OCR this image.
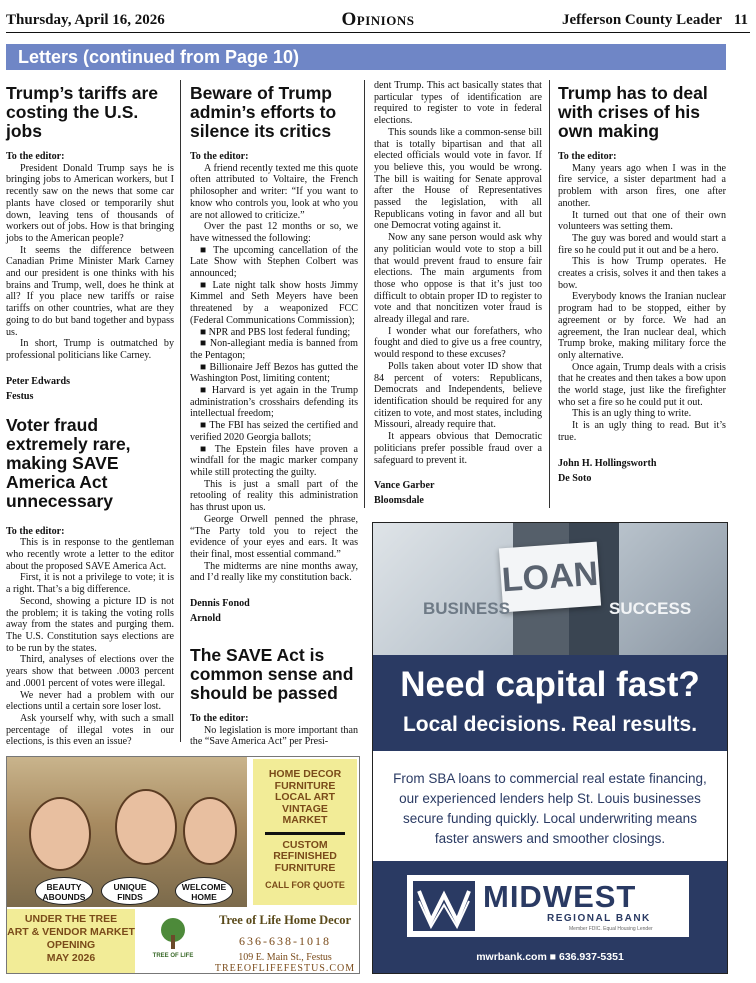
Thursday, April 16, 2026	Opinions	Jefferson County Leader 11
Letters (continued from Page 10)
Trump’s tariffs are costing the U.S. jobs

To the editor:

President Donald Trump says he is bringing jobs to American workers, but I recently saw on the news that some car plants have closed or temporarily shut down, leaving tens of thousands of workers out of jobs. How is that bringing jobs to the American people?

It seems the difference between Canadian Prime Minister Mark Carney and our president is one thinks with his brains and Trump, well, does he think at all? If you place new tariffs or raise tariffs on other countries, what are they going to do but band together and bypass us.

In short, Trump is outmatched by professional politicians like Carney.

Peter Edwards

Festus

Voter fraud extremely rare, making SAVE America Act unnecessary

To the editor:

This is in response to the gentleman who recently wrote a letter to the editor about the proposed SAVE America Act.

First, it is not a privilege to vote; it is a right. That’s a big difference.

Second, showing a picture ID is not the problem; it is taking the voting rolls away from the states and purging them. The U.S. Constitution says elections are to be run by the states.

Third, analyses of elections over the years show that between .0003 percent and .0001 percent of votes were illegal.

We never had a problem with our elections until a certain sore loser lost.

Ask yourself why, with such a small percentage of illegal votes in our elections, is this even an issue?

Beware of Trump admin’s efforts to silence its critics

To the editor:

A friend recently texted me this quote often attributed to Voltaire, the French philosopher and writer: “If you want to know who controls you, look at who you are not allowed to criticize.”

Over the past 12 months or so, we have witnessed the following:

■ The upcoming cancellation of the Late Show with Stephen Colbert was announced;

■ Late night talk show hosts Jimmy Kimmel and Seth Meyers have been threatened by a weaponized FCC (Federal Communications Commission);

■ NPR and PBS lost federal funding;

■ Non-allegiant media is banned from the Pentagon;

■ Billionaire Jeff Bezos has gutted the Washington Post, limiting content;

■ Harvard is yet again in the Trump administration’s crosshairs defending its intellectual freedom;

■ The FBI has seized the certified and verified 2020 Georgia ballots;

■ The Epstein files have proven a windfall for the magic marker company while still protecting the guilty.

This is just a small part of the retooling of reality this administration has thrust upon us.

George Orwell penned the phrase, “The Party told you to reject the evidence of your eyes and ears. It was their final, most essential command.”

The midterms are nine months away, and I’d really like my constitution back.

Dennis Fonod

Arnold

The SAVE Act is common sense and should be passed

To the editor:

No legislation is more important than the “Save America Act” per Presi-

dent Trump. This act basically states that particular types of identification are required to register to vote in federal elections.

This sounds like a common-sense bill that is totally bipartisan and that all elected officials would vote in favor. If you believe this, you would be wrong. The bill is waiting for Senate approval after the House of Representatives passed the legislation, with all Republicans voting in favor and all but one Democrat voting against it.

Now any sane person would ask why any politician would vote to stop a bill that would prevent fraud to ensure fair elections. The main arguments from those who oppose is that it’s just too difficult to obtain proper ID to register to vote and that noncitizen voter fraud is already illegal and rare.

I wonder what our forefathers, who fought and died to give us a free country, would respond to these excuses?

Polls taken about voter ID show that 84 percent of voters: Republicans, Democrats and Independents, believe identification should be required for any citizen to vote, and most states, including Missouri, already require that.

It appears obvious that Democratic politicians prefer possible fraud over a safeguard to prevent it.

Vance Garber

Bloomsdale

Trump has to deal with crises of his own making

To the editor:

Many years ago when I was in the fire service, a sister department had a problem with arson fires, one after another.

It turned out that one of their own volunteers was setting them.

The guy was bored and would start a fire so he could put it out and be a hero.

This is how Trump operates. He creates a crisis, solves it and then takes a bow.

Everybody knows the Iranian nuclear program had to be stopped, either by agreement or by force. We had an agreement, the Iran nuclear deal, which Trump broke, making military force the only alternative.

Once again, Trump deals with a crisis that he creates and then takes a bow upon the world stage, just like the firefighter who set a fire so he could put it out.

This is an ugly thing to write.

It is an ugly thing to read. But it’s true.

John H. Hollingsworth

De Soto

BEAUTY ABOUNDS
UNIQUE FINDS
WELCOME HOME
HOME DECOR
FURNITURE
LOCAL ART
VINTAGE
MARKET
CUSTOM
REFINISHED
FURNITURE
CALL FOR QUOTE
UNDER THE TREE
ART & VENDOR MARKET
OPENING
MAY 2026	TREE OF LIFE
Tree of Life Home Decor
636-638-1018
109 E. Main St., Festus
TREEOFLIFEFESTUS.COM
LOAN
BUSINESS	SUCCESS
Need capital fast?
Local decisions. Real results.
From SBA loans to commercial real estate financing, our experienced lenders help St. Louis businesses secure funding quickly. Local underwriting means faster answers and smoother closings.
MIDWEST
REGIONAL BANK
Member FDIC. Equal Housing Lender
mwrbank.com ■ 636.937-5351
